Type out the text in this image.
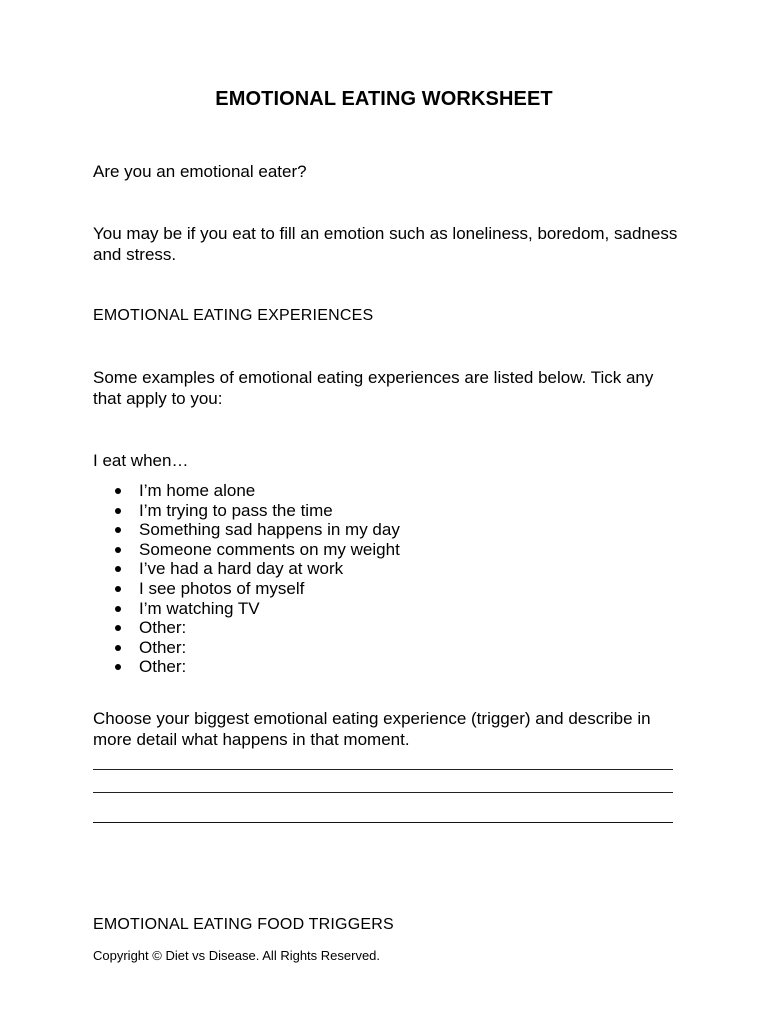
EMOTIONAL EATING WORKSHEET

Are you an emotional eater?

You may be if you eat to fill an emotion such as loneliness, boredom, sadness and stress.

EMOTIONAL EATING EXPERIENCES

Some examples of emotional eating experiences are listed below. Tick any that apply to you:

I eat when…

I’m home alone
I’m trying to pass the time
Something sad happens in my day
Someone comments on my weight
I’ve had a hard day at work
I see photos of myself
I’m watching TV
Other:
Other:
Other:

Choose your biggest emotional eating experience (trigger) and describe in more detail what happens in that moment.

EMOTIONAL EATING FOOD TRIGGERS

Copyright © Diet vs Disease. All Rights Reserved.
